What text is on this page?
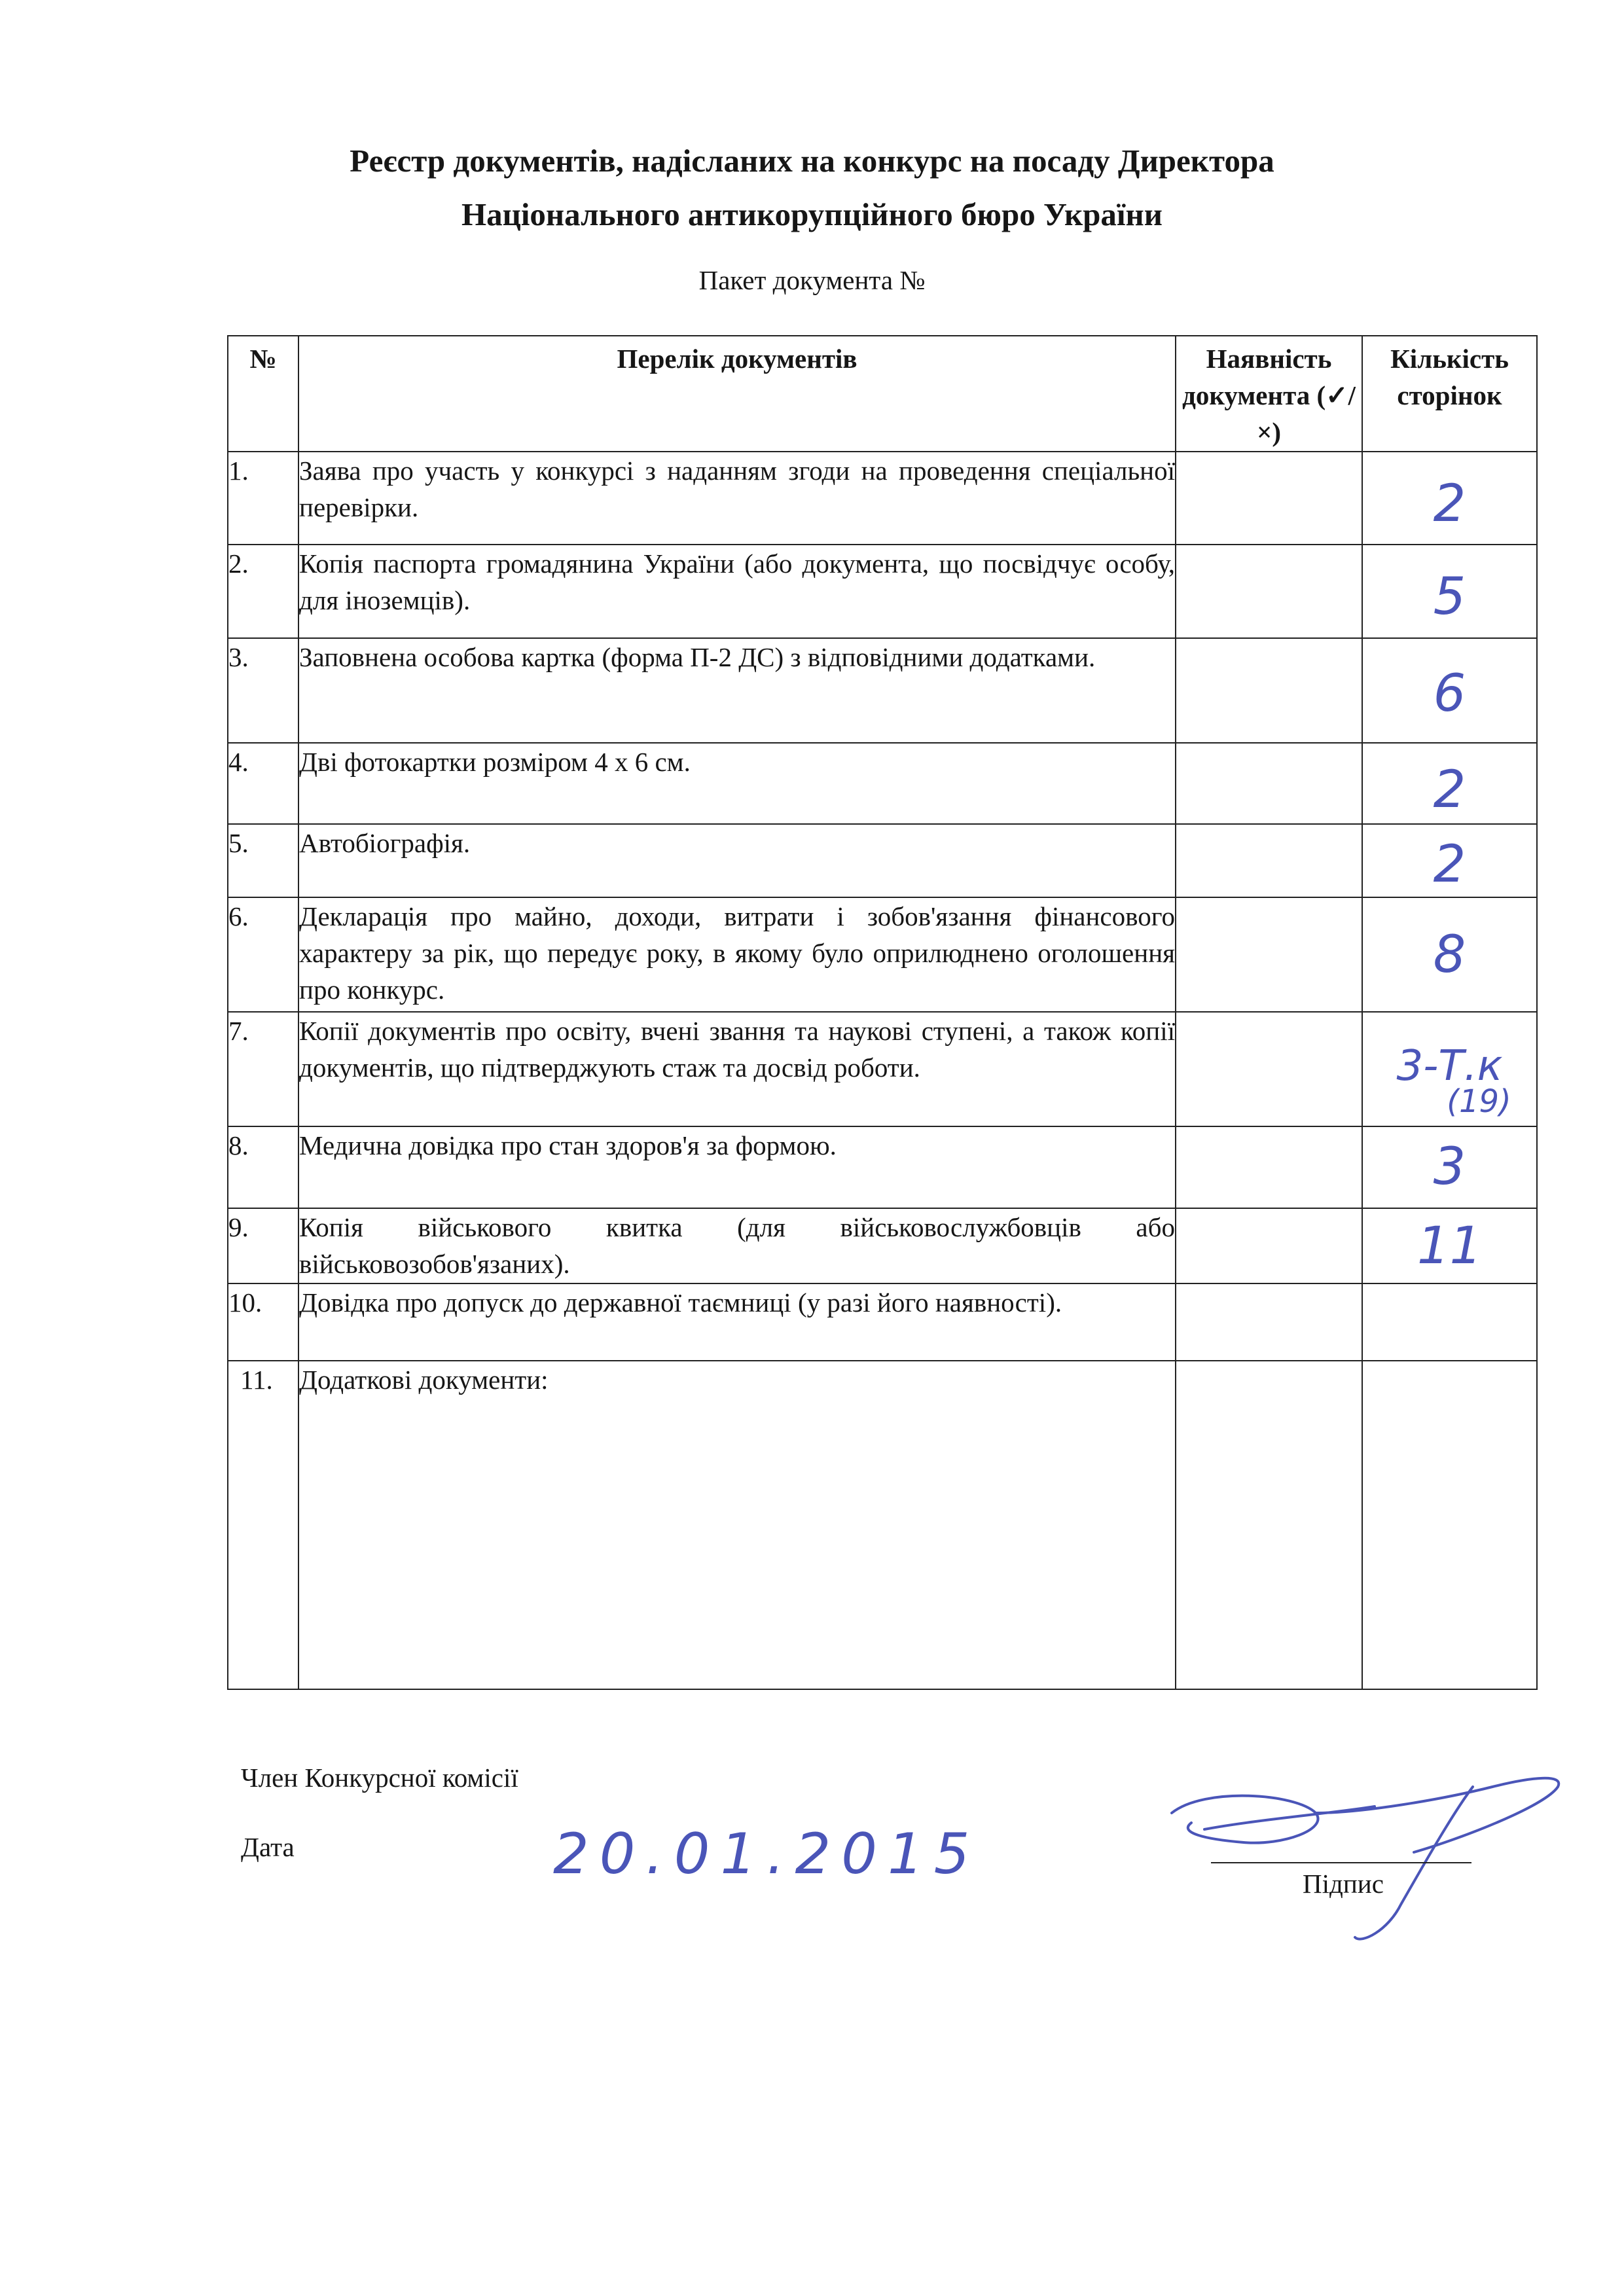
Реєстр документів, надісланих на конкурс на посаду Директора
Національного антикорупційного бюро України
Пакет документа №
№	Перелік документів	Наявність документа (✓/×)	Кількість сторінок
1.	Заява про участь у конкурсі з наданням згоди на проведення спеціальної перевірки.		2

2.	Копія паспорта громадянина України (або документа, що посвідчує особу, для іноземців).		5

3.	Заповнена особова картка (форма П-2 ДС) з відповідними додатками.		6

4.	Дві фотокартки розміром 4 х 6 см.		2

5.	Автобіографія.		2

6.	Декларація про майно, доходи, витрати і зобов'язання фінансового характеру за рік, що передує року, в якому було оприлюднено оголошення про конкурс.		8

7.	Копії документів про освіту, вчені звання та наукові ступені, а також копії документів, що підтверджують стаж та досвід роботи.		3-Т.к
(19)

8.	Медична довідка про стан здоров'я за формою.		3

9.	Копія військового квитка (для військовослужбовців або військовозобов'язаних).		11

10.	Довідка про допуск до державної таємниці (у разі його наявності).		

11.	Додаткові документи:		
Член Конкурсної комісії
Дата	20.01.2015	Підпис
